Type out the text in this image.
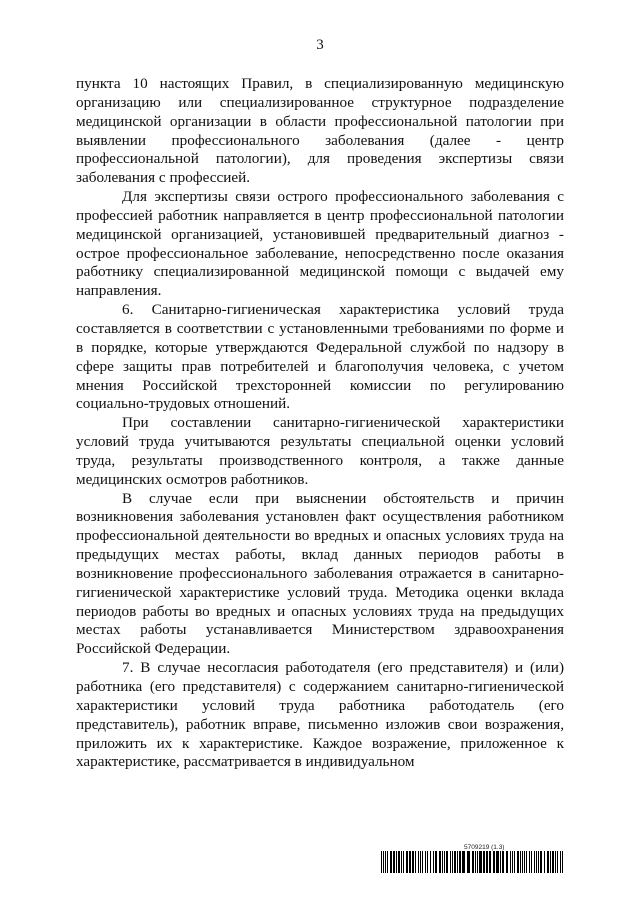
3

пункта 10 настоящих Правил, в специализированную медицинскую организацию или специализированное структурное подразделение медицинской организации в области профессиональной патологии при выявлении профессионального заболевания (далее - центр профессиональной патологии), для проведения экспертизы связи заболевания с профессией.

Для экспертизы связи острого профессионального заболевания с профессией работник направляется в центр профессиональной патологии медицинской организацией, установившей предварительный диагноз - острое профессиональное заболевание, непосредственно после оказания работнику специализированной медицинской помощи с выдачей ему направления.

6. Санитарно-гигиеническая характеристика условий труда составляется в соответствии с установленными требованиями по форме и в порядке, которые утверждаются Федеральной службой по надзору в сфере защиты прав потребителей и благополучия человека, с учетом мнения Российской трехсторонней комиссии по регулированию социально-трудовых отношений.

При составлении санитарно-гигиенической характеристики условий труда учитываются результаты специальной оценки условий труда, результаты производственного контроля, а также данные медицинских осмотров работников.

В случае если при выяснении обстоятельств и причин возникновения заболевания установлен факт осуществления работником профессиональной деятельности во вредных и опасных условиях труда на предыдущих местах работы, вклад данных периодов работы в возникновение профессионального заболевания отражается в санитарно-гигиенической характеристике условий труда. Методика оценки вклада периодов работы во вредных и опасных условиях труда на предыдущих местах работы устанавливается Министерством здравоохранения Российской Федерации.

7. В случае несогласия работодателя (его представителя) и (или) работника (его представителя) с содержанием санитарно-гигиенической характеристики условий труда работника работодатель (его представитель), работник вправе, письменно изложив свои возражения, приложить их к характеристике. Каждое возражение, приложенное к характеристике, рассматривается в индивидуальном

5709219 (1.3)
